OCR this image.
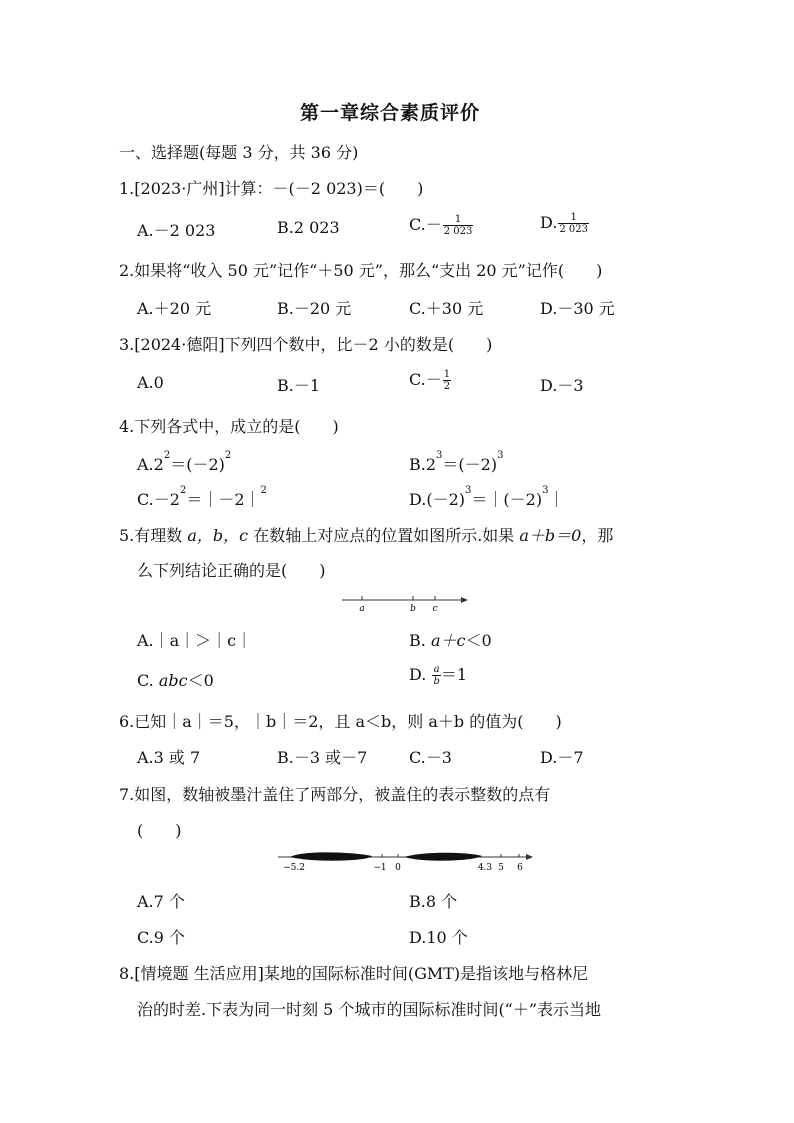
第一章综合素质评价
一、选择题(每题 3 分，共 36 分)
1.[2023·广州]计算：－(－2 023)＝(　　)
A.－2 023	B.2 023	$C.- \frac{1}{2 023}$	D. $\frac{1}{2 023}$
2.如果将“收入 50 元”记作“＋50 元”，那么“支出 20 元”记作(　　)
A.＋20 元	B.－20 元	C.＋30 元	D.－30 元
3.[2024·德阳]下列四个数中，比－2 小的数是(　　)
A.0	B.－1	$C.- \frac{1}{2}$	D.－3
4.下列各式中，成立的是(　　)
$A.2^2=(-2)^2$	$B.2^3=(-2)^3$
$C.-2^2=|-2|^2$	$D.(-2)^3=|(-2)^3|$
5.有理数 a，b，c 在数轴上对应点的位置如图所示.如果 a＋b＝0，那
么下列结论正确的是(　　)
a	b c
A.｜a｜＞｜c｜	B. a＋c＜0
C. abc＜0	D. $\frac{a}{b} =1$
6.已知｜a｜＝5，｜b｜＝2，且 a＜b，则 a＋b 的值为(　　)
A.3 或 7	B.－3 或－7	C.－3	D.－7
7.如图，数轴被墨汁盖住了两部分，被盖住的表示整数的点有
(　　)
−5.2	−1 0	4.3 5 6
A.7 个	B.8 个
C.9 个	D.10 个
8.[情境题 生活应用]某地的国际标准时间(GMT)是指该地与格林尼
治的时差.下表为同一时刻 5 个城市的国际标准时间(“＋”表示当地
